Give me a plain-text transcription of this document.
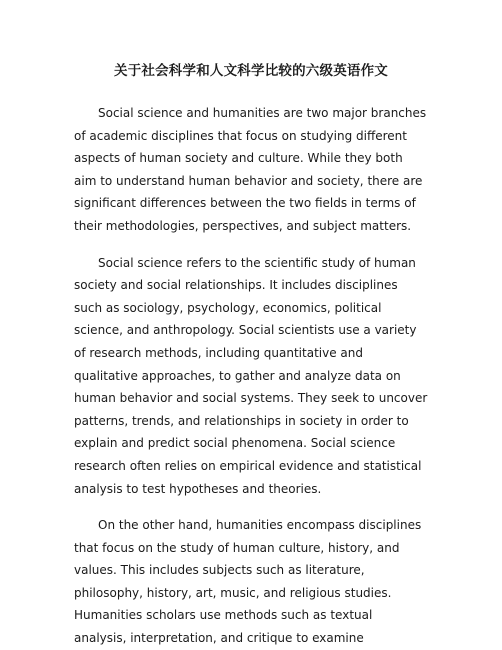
关于社会科学和人文科学比较的六级英语作文

Social science and humanities are two major branches of academic disciplines that focus on studying different aspects of human society and culture. While they both aim to understand human behavior and society, there are significant differences between the two fields in terms of their methodologies, perspectives, and subject matters.

Social science refers to the scientific study of human society and social relationships. It includes disciplines such as sociology, psychology, economics, political science, and anthropology. Social scientists use a variety of research methods, including quantitative and qualitative approaches, to gather and analyze data on human behavior and social systems. They seek to uncover patterns, trends, and relationships in society in order to explain and predict social phenomena. Social science research often relies on empirical evidence and statistical analysis to test hypotheses and theories.

On the other hand, humanities encompass disciplines that focus on the study of human culture, history, and values. This includes subjects such as literature, philosophy, history, art, music, and religious studies. Humanities scholars use methods such as textual analysis, interpretation, and critique to examine
